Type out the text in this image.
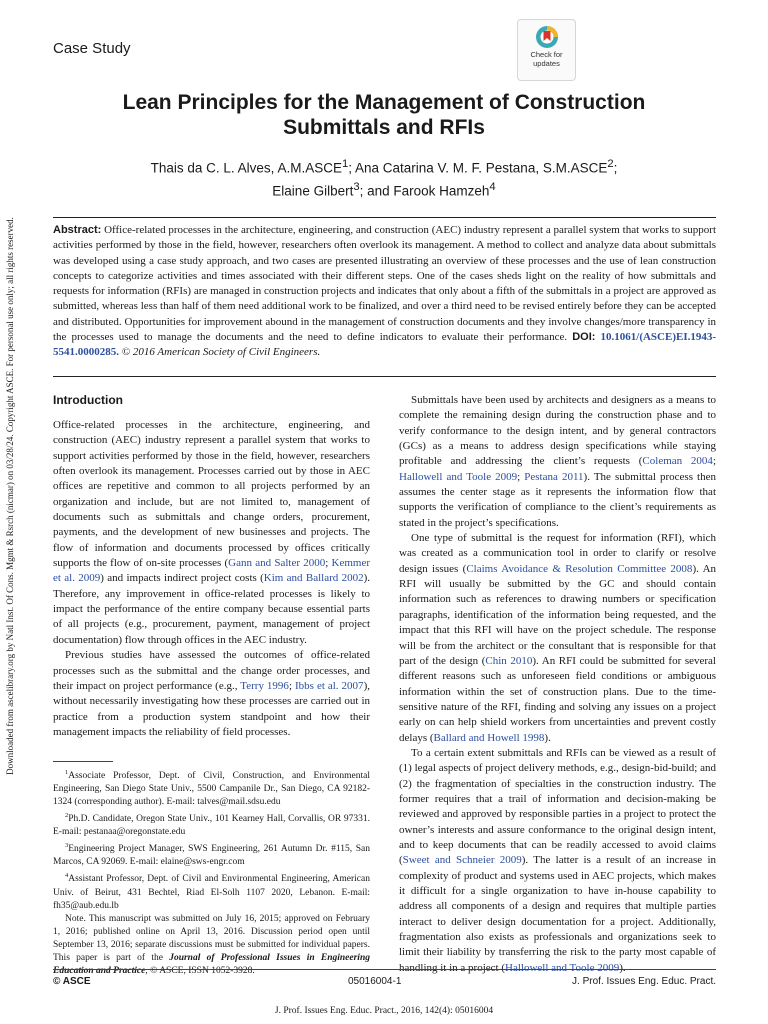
Case Study	Check for
updates
Lean Principles for the Management of Construction
Submittals and RFIs
Thais da C. L. Alves, A.M.ASCE$^1$; Ana Catarina V. M. F. Pestana, S.M.ASCE$^2$;
Elaine Gilbert$^3$; and Farook Hamzeh$^4$
Downloaded from ascelibrary.org by Natl Inst. Of Cons. Mgmt & Rsrch (nicmar) on 03/28/24. Copyright ASCE. For personal use only; all rights reserved.	Abstract: Office-related processes in the architecture, engineering, and construction (AEC) industry represent a parallel system that works to support activities performed by those in the field, however, researchers often overlook its management. A method to collect and analyze data about submittals was developed using a case study approach, and two cases are presented illustrating an overview of these processes and the use of lean construction concepts to categorize activities and times associated with their different steps. One of the cases sheds light on the reality of how submittals and requests for information (RFIs) are managed in construction projects and indicates that only about a fifth of the submittals in a project are approved as submitted, whereas less than half of them need additional work to be finalized, and over a third need to be revised entirely before they can be accepted and distributed. Opportunities for improvement abound in the management of construction documents and they involve changes/more transparency in the processes used to manage the documents and the need to define indicators to evaluate their performance. DOI: 10.1061/(ASCE)EI.1943-5541.0000285. © 2016 American Society of Civil Engineers.
Introduction

Office-related processes in the architecture, engineering, and construction (AEC) industry represent a parallel system that works to support activities performed by those in the field, however, researchers often overlook its management. Processes carried out by those in AEC offices are repetitive and common to all projects performed by an organization and include, but are not limited to, management of documents such as submittals and change orders, procurement, payments, and the development of new businesses and projects. The flow of information and documents processed by offices critically supports the flow of on-site processes (Gann and Salter 2000; Kemmer et al. 2009) and impacts indirect project costs (Kim and Ballard 2002). Therefore, any improvement in office-related processes is likely to impact the performance of the entire company because essential parts of all projects (e.g., procurement, payment, management of project documentation) flow through offices in the AEC industry.

Previous studies have assessed the outcomes of office-related processes such as the submittal and the change order processes, and their impact on project performance (e.g., Terry 1996; Ibbs et al. 2007), without necessarily investigating how these processes are carried out in practice from a production system standpoint and how their management impacts the reliability of field processes.

$^1$Associate Professor, Dept. of Civil, Construction, and Environmental Engineering, San Diego State Univ., 5500 Campanile Dr., San Diego, CA 92182-1324 (corresponding author). E-mail: talves@mail.sdsu.edu

$^2$Ph.D. Candidate, Oregon State Univ., 101 Kearney Hall, Corvallis, OR 97331. E-mail: pestanaa@oregonstate.edu

$^3$Engineering Project Manager, SWS Engineering, 261 Autumn Dr. #115, San Marcos, CA 92069. E-mail: elaine@sws-engr.com

$^4$Assistant Professor, Dept. of Civil and Environmental Engineering, American Univ. of Beirut, 431 Bechtel, Riad El-Solh 1107 2020, Lebanon. E-mail: fh35@aub.edu.lb

Note. This manuscript was submitted on July 16, 2015; approved on February 1, 2016; published online on April 13, 2016. Discussion period open until September 13, 2016; separate discussions must be submitted for individual papers. This paper is part of the Journal of Professional Issues in Engineering Education and Practice, © ASCE, ISSN 1052-3928.

Submittals have been used by architects and designers as a means to complete the remaining design during the construction phase and to verify conformance to the design intent, and by general contractors (GCs) as a means to address design specifications while staying profitable and addressing the client’s requests (Coleman 2004; Hallowell and Toole 2009; Pestana 2011). The submittal process then assumes the center stage as it represents the information flow that supports the verification of compliance to the client’s requirements as stated in the project’s specifications.

One type of submittal is the request for information (RFI), which was created as a communication tool in order to clarify or resolve design issues (Claims Avoidance & Resolution Committee 2008). An RFI will usually be submitted by the GC and should contain information such as references to drawing numbers or specification paragraphs, identification of the information being requested, and the impact that this RFI will have on the project schedule. The response will be from the architect or the consultant that is responsible for that part of the design (Chin 2010). An RFI could be submitted for several different reasons such as unforeseen field conditions or ambiguous information within the set of construction plans. Due to the time-sensitive nature of the RFI, finding and solving any issues on a project early on can help shield workers from uncertainties and prevent costly delays (Ballard and Howell 1998).

To a certain extent submittals and RFIs can be viewed as a result of (1) legal aspects of project delivery methods, e.g., design-bid-build; and (2) the fragmentation of specialties in the construction industry. The former requires that a trail of information and decision-making be reviewed and approved by responsible parties in a project to protect the owner’s interests and assure conformance to the original design intent, and to keep documents that can be readily accessed to avoid claims (Sweet and Schneier 2009). The latter is a result of an increase in complexity of product and systems used in AEC projects, which makes it difficult for a single organization to have in-house capability to address all components of a design and requires that multiple parties interact to deliver design documentation for a project. Additionally, fragmentation also exists as professionals and organizations seek to limit their liability by transferring the risk to the party most capable of handling it in a project (Hallowell and Toole 2009).

© ASCE	05016004-1	J. Prof. Issues Eng. Educ. Pract.
J. Prof. Issues Eng. Educ. Pract., 2016, 142(4): 05016004
